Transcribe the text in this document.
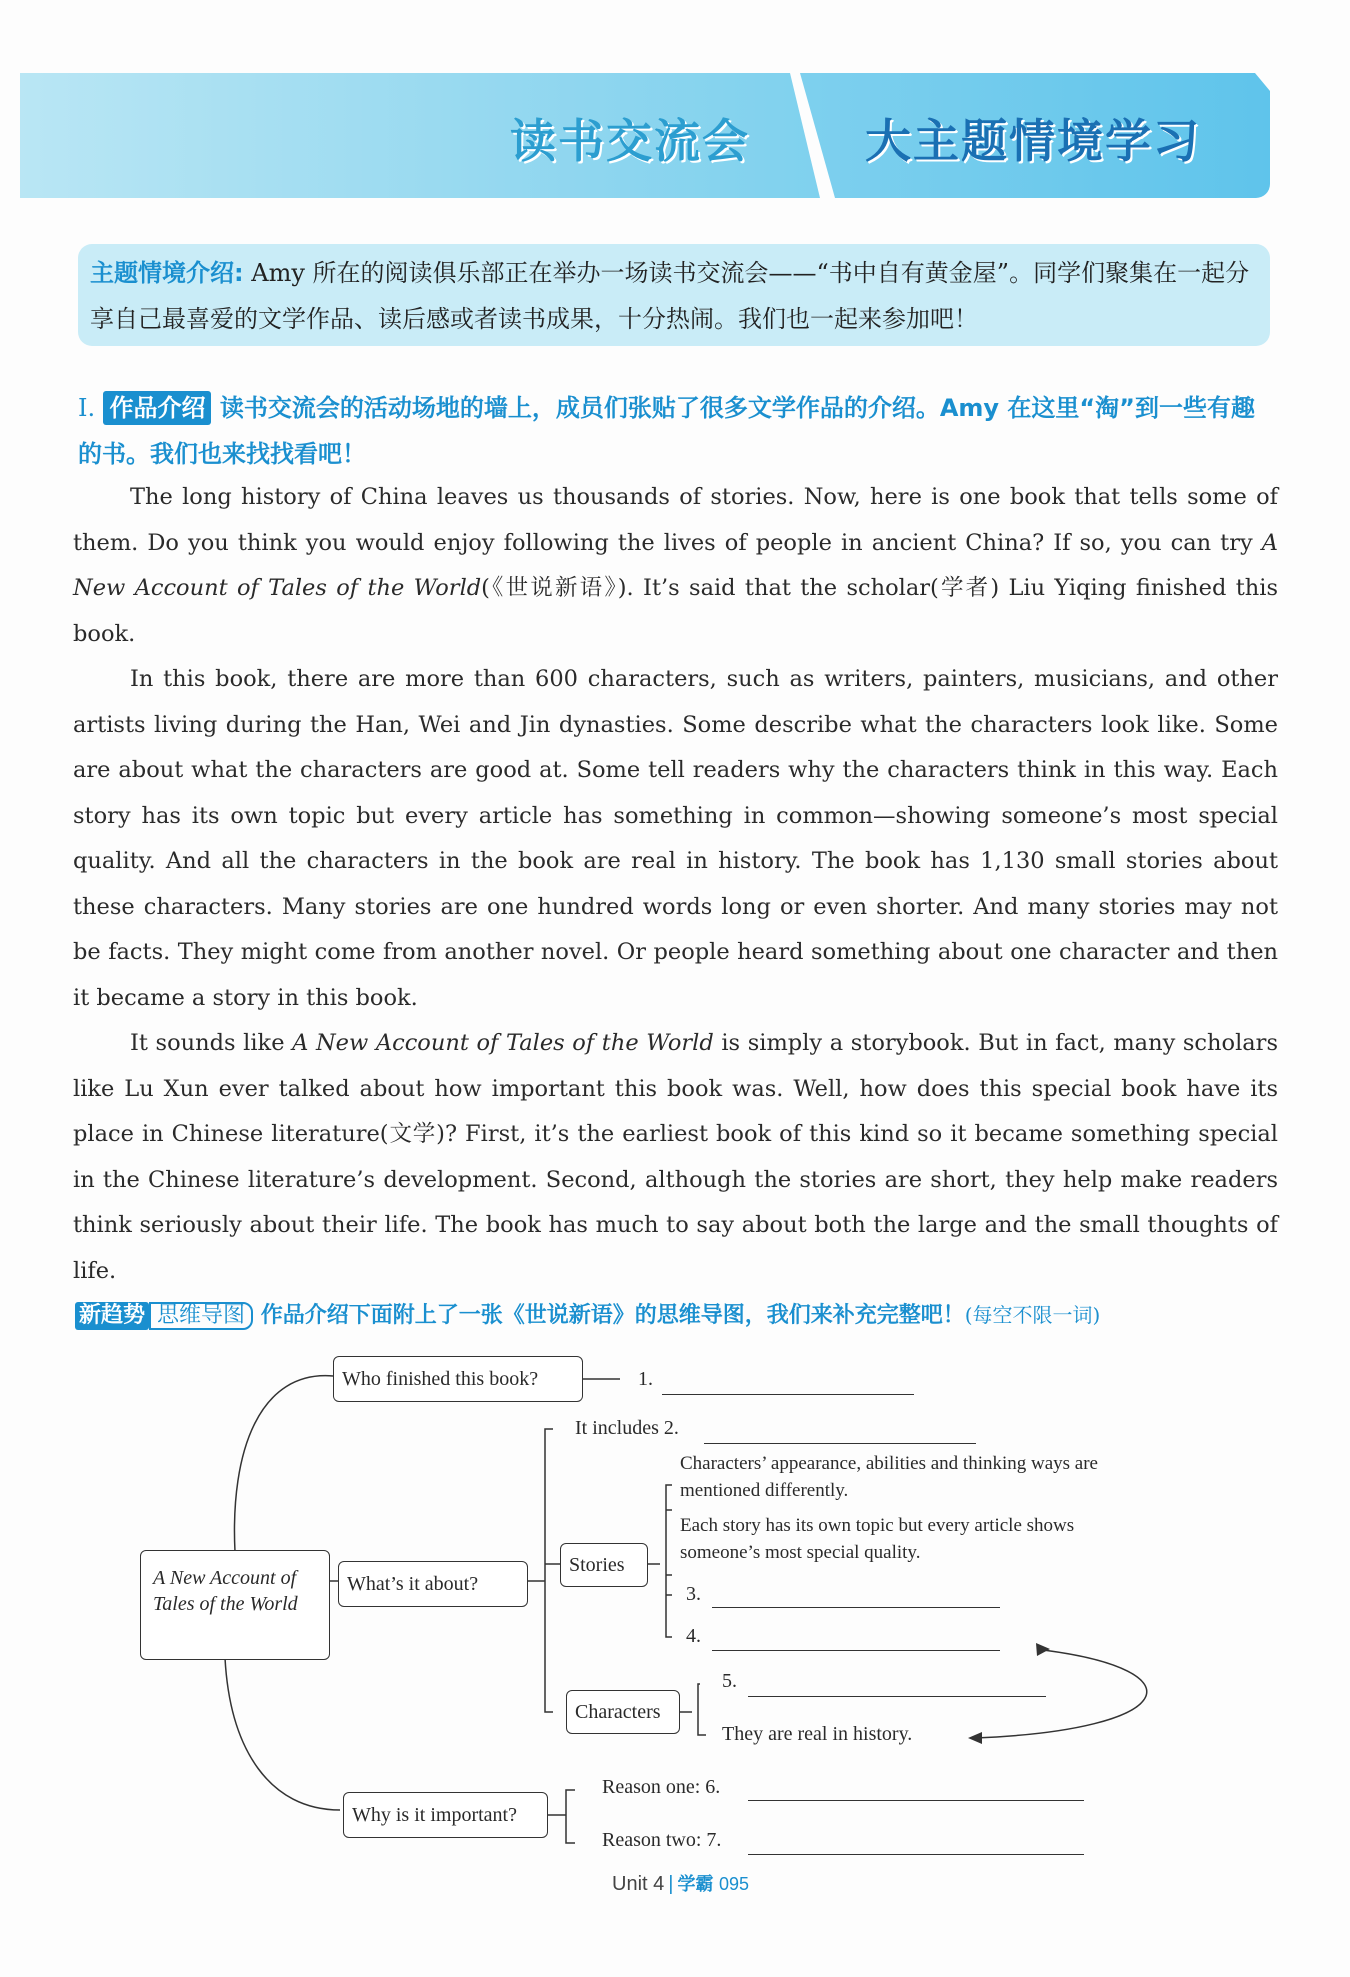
读书交流会	大主题情境学习
主题情境介绍: Amy 所在的阅读俱乐部正在举办一场读书交流会——“书中自有黄金屋”。同学们聚集在一起分享自己最喜爱的文学作品、读后感或者读书成果，十分热闹。我们也一起来参加吧！
Ⅰ. 作品介绍 读书交流会的活动场地的墙上，成员们张贴了很多文学作品的介绍。Amy 在这里“淘”到一些有趣的书。我们也来找找看吧！

The long history of China leaves us thousands of stories. Now, here is one book that tells some of them. Do you think you would enjoy following the lives of people in ancient China? If so, you can try A New Account of Tales of the World(《世说新语》). It’s said that the scholar(学者) Liu Yiqing finished this book.

In this book, there are more than 600 characters, such as writers, painters, musicians, and other artists living during the Han, Wei and Jin dynasties. Some describe what the characters look like. Some are about what the characters are good at. Some tell readers why the characters think in this way. Each story has its own topic but every article has something in common—showing someone’s most special quality. And all the characters in the book are real in history. The book has 1,130 small stories about these characters. Many stories are one hundred words long or even shorter. And many stories may not be facts. They might come from another novel. Or people heard something about one character and then it became a story in this book.

It sounds like A New Account of Tales of the World is simply a storybook. But in fact, many scholars like Lu Xun ever talked about how important this book was. Well, how does this special book have its place in Chinese literature(文学)? First, it’s the earliest book of this kind so it became something special in the Chinese literature’s development. Second, although the stories are short, they help make readers think seriously about their life. The book has much to say about both the large and the small thoughts of life.

新趋势 思维导图 作品介绍下面附上了一张《世说新语》的思维导图，我们来补充完整吧！(每空不限一词)
A New Account of Tales of the World
Who finished this book?	1.
What’s it about?
It includes 2.
Stories
Characters’ appearance, abilities and thinking ways are
mentioned differently.
Each story has its own topic but every article shows
someone’s most special quality.
3.
4.
Characters
5.
They are real in history.
Why is it important?
Reason one: 6.
Reason two: 7.
Unit 4 | 学霸 095
